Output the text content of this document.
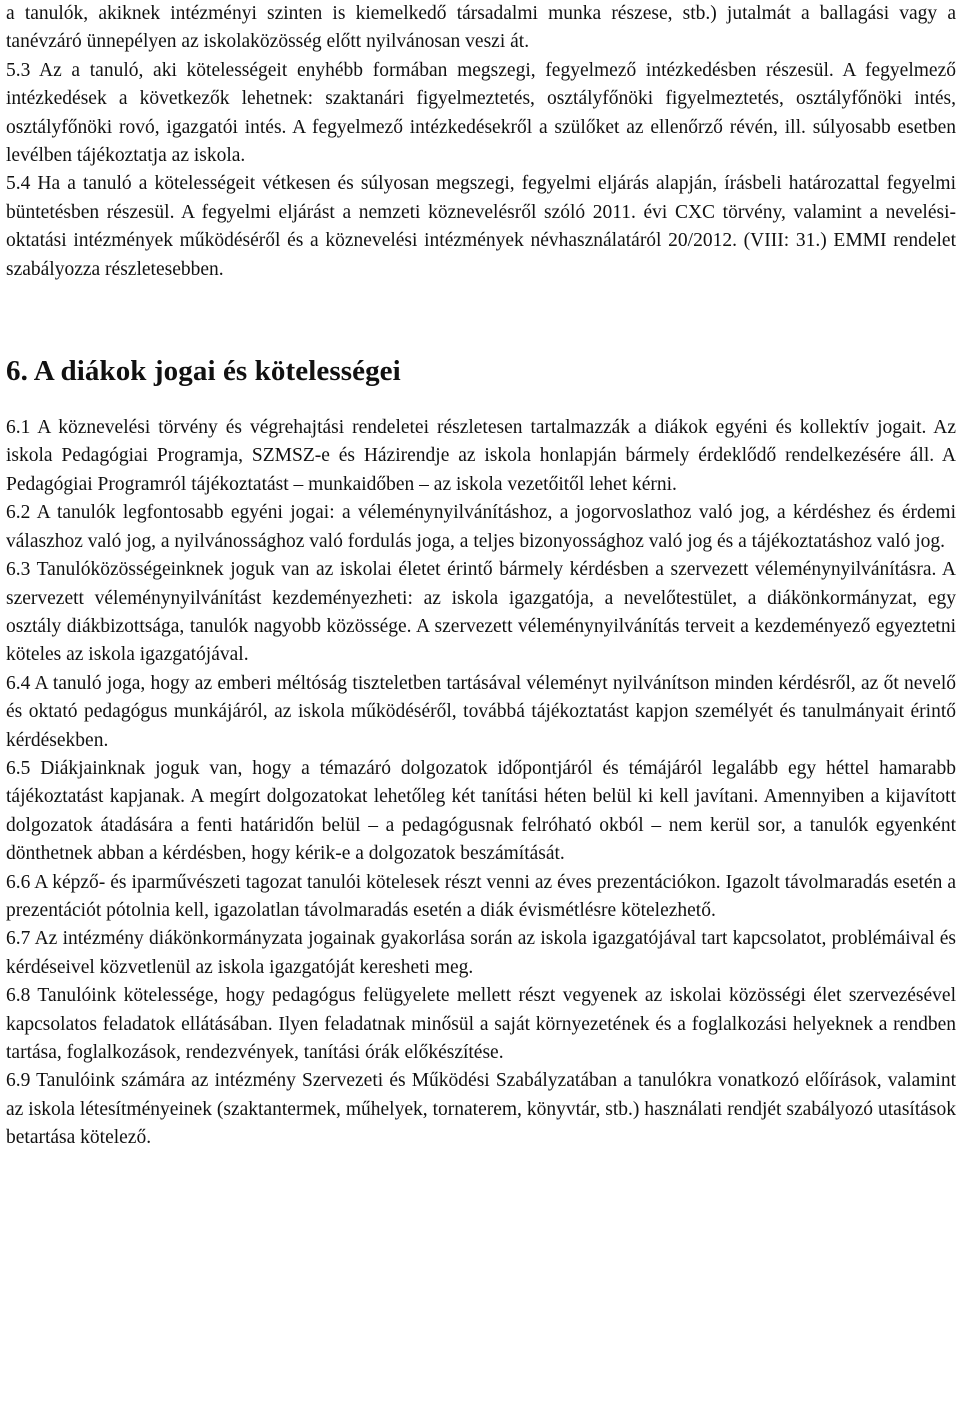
a tanulók, akiknek intézményi szinten is kiemelkedő társadalmi munka részese, stb.) jutalmát a ballagási vagy a tanévzáró ünnepélyen az iskolaközösség előtt nyilvánosan veszi át.

5.3 Az a tanuló, aki kötelességeit enyhébb formában megszegi, fegyelmező intézkedésben részesül. A fegyelmező intézkedések a következők lehetnek: szaktanári figyelmeztetés, osztályfőnöki figyelmeztetés, osztályfőnöki intés, osztályfőnöki rovó, igazgatói intés. A fegyelmező intézkedésekről a szülőket az ellenőrző révén, ill. súlyosabb esetben levélben tájékoztatja az iskola.

5.4 Ha a tanuló a kötelességeit vétkesen és súlyosan megszegi, fegyelmi eljárás alapján, írásbeli határozattal fegyelmi büntetésben részesül. A fegyelmi eljárást a nemzeti köznevelésről szóló 2011. évi CXC törvény, valamint a nevelési-oktatási intézmények működéséről és a köznevelési intézmények névhasználatáról 20/2012. (VIII: 31.) EMMI rendelet szabályozza részletesebben.

6. A diákok jogai és kötelességei

6.1 A köznevelési törvény és végrehajtási rendeletei részletesen tartalmazzák a diákok egyéni és kollektív jogait. Az iskola Pedagógiai Programja, SZMSZ-e és Házirendje az iskola honlapján bármely érdeklődő rendelkezésére áll. A Pedagógiai Programról tájékoztatást – munkaidőben – az iskola vezetőitől lehet kérni.

6.2 A tanulók legfontosabb egyéni jogai: a véleménynyilvánításhoz, a jogorvoslathoz való jog, a kérdéshez és érdemi válaszhoz való jog, a nyilvánossághoz való fordulás joga, a teljes bizonyossághoz való jog és a tájékoztatáshoz való jog.

6.3 Tanulóközösségeinknek joguk van az iskolai életet érintő bármely kérdésben a szervezett véleménynyilvánításra. A szervezett véleménynyilvánítást kezdeményezheti: az iskola igazgatója, a nevelőtestület, a diákönkormányzat, egy osztály diákbizottsága, tanulók nagyobb közössége. A szervezett véleménynyilvánítás terveit a kezdeményező egyeztetni köteles az iskola igazgatójával.

6.4 A tanuló joga, hogy az emberi méltóság tiszteletben tartásával véleményt nyilvánítson minden kérdésről, az őt nevelő és oktató pedagógus munkájáról, az iskola működéséről, továbbá tájékoztatást kapjon személyét és tanulmányait érintő kérdésekben.

6.5 Diákjainknak joguk van, hogy a témazáró dolgozatok időpontjáról és témájáról legalább egy héttel hamarabb tájékoztatást kapjanak. A megírt dolgozatokat lehetőleg két tanítási héten belül ki kell javítani. Amennyiben a kijavított dolgozatok átadására a fenti határidőn belül – a pedagógusnak felróható okból – nem kerül sor, a tanulók egyenként dönthetnek abban a kérdésben, hogy kérik-e a dolgozatok beszámítását.

6.6 A képző- és iparművészeti tagozat tanulói kötelesek részt venni az éves prezentációkon. Igazolt távolmaradás esetén a prezentációt pótolnia kell, igazolatlan távolmaradás esetén a diák évismétlésre kötelezhető.

6.7 Az intézmény diákönkormányzata jogainak gyakorlása során az iskola igazgatójával tart kapcsolatot, problémáival és kérdéseivel közvetlenül az iskola igazgatóját keresheti meg.

6.8 Tanulóink kötelessége, hogy pedagógus felügyelete mellett részt vegyenek az iskolai közösségi élet szervezésével kapcsolatos feladatok ellátásában. Ilyen feladatnak minősül a saját környezetének és a foglalkozási helyeknek a rendben tartása, foglalkozások, rendezvények, tanítási órák előkészítése.

6.9 Tanulóink számára az intézmény Szervezeti és Működési Szabályzatában a tanulókra vonatkozó előírások, valamint az iskola létesítményeinek (szaktantermek, műhelyek, tornaterem, könyvtár, stb.) használati rendjét szabályozó utasítások betartása kötelező.
